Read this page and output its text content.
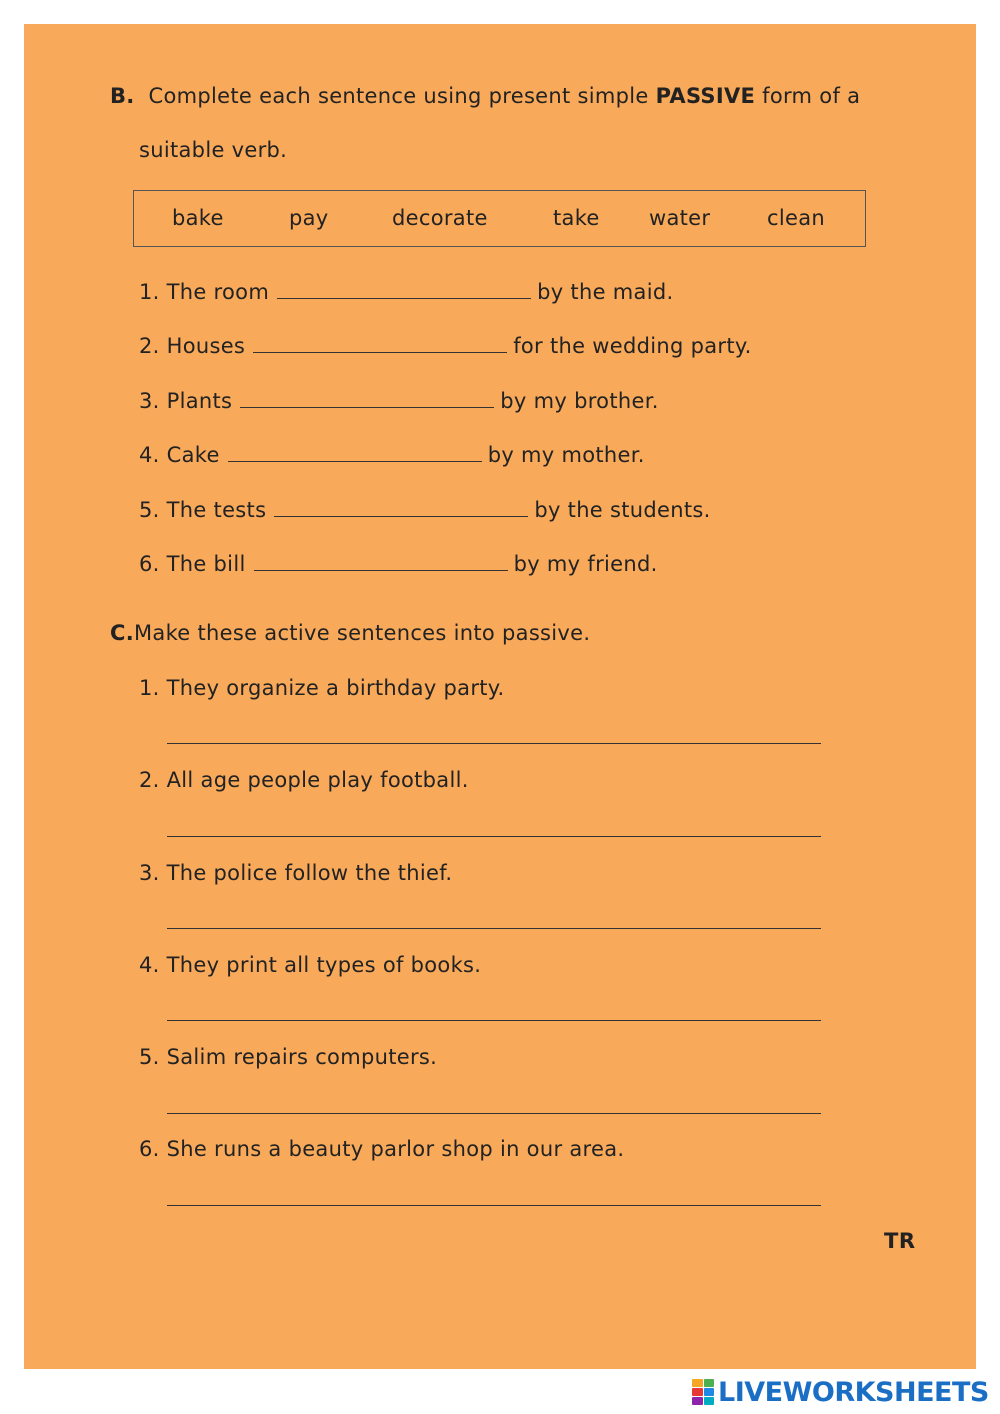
B. Complete each sentence using present simple PASSIVE form of a
suitable verb.
bake	pay	decorate	take water	clean
1. The room	by the maid.
2. Houses	for the wedding party.
3. Plants	by my brother.
4. Cake	by my mother.
5. The tests	by the students.
6. The bill	by my friend.
C.Make these active sentences into passive.
1. They organize a birthday party.
2. All age people play football.
3. The police follow the thief.
4. They print all types of books.
5. Salim repairs computers.
6. She runs a beauty parlor shop in our area.
TR
LIVEWORKSHEETS
